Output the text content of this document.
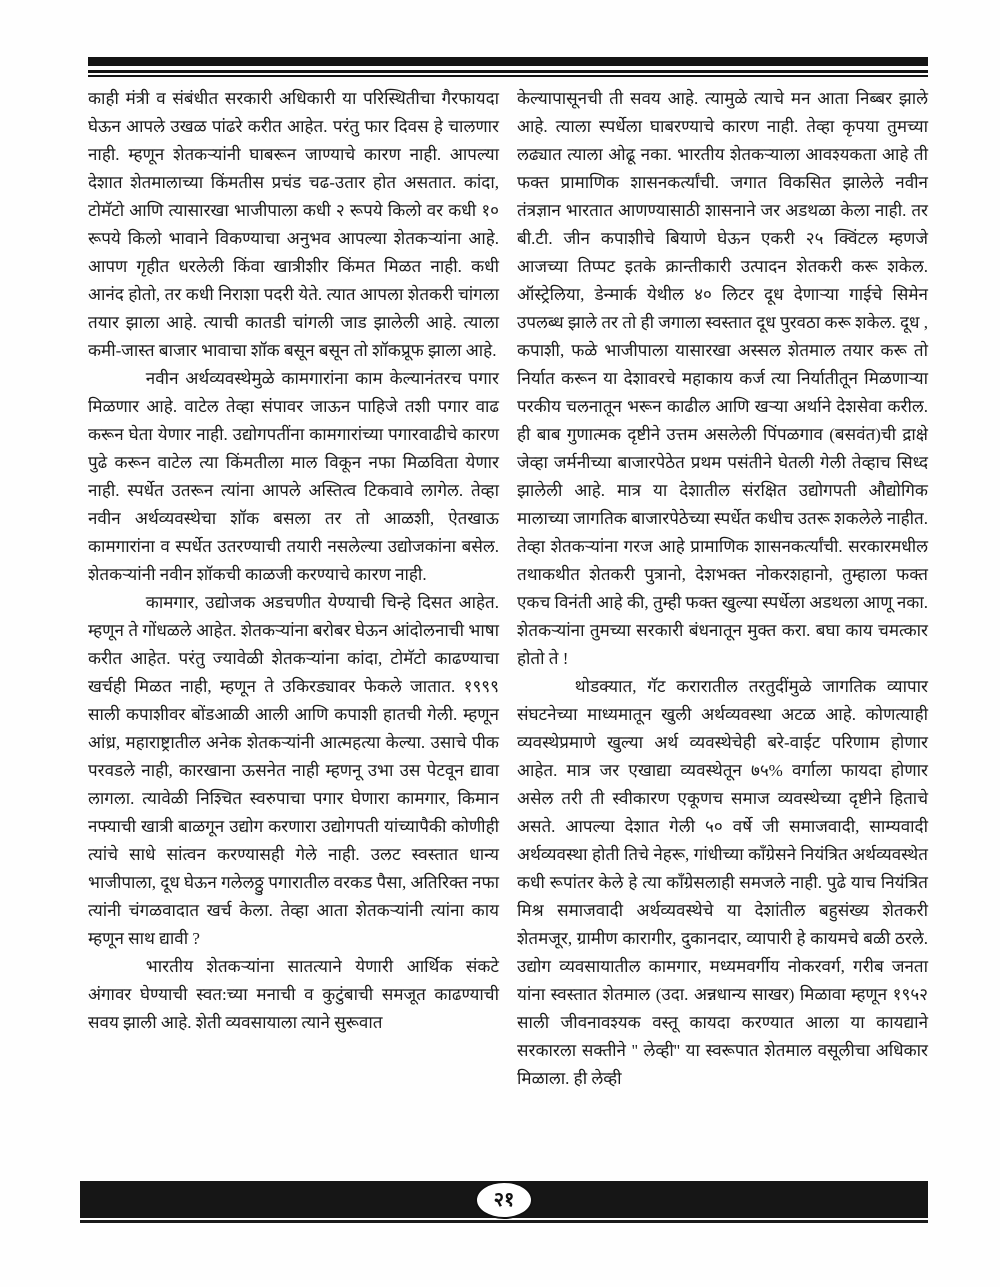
काही मंत्री व संबंधीत सरकारी अधिकारी या परिस्थितीचा गैरफायदा घेऊन आपले उखळ पांढरे करीत आहेत. परंतु फार दिवस हे चालणार नाही. म्हणून शेतकऱ्यांनी घाबरून जाण्याचे कारण नाही. आपल्या देशात शेतमालाच्या किंमतीस प्रचंड चढ-उतार होत असतात. कांदा, टोमॅटो आणि त्यासारखा भाजीपाला कधी २ रूपये किलो वर कधी १० रूपये किलो भावाने विकण्याचा अनुभव आपल्या शेतकऱ्यांना आहे. आपण गृहीत धरलेली किंवा खात्रीशीर किंमत मिळत नाही. कधी आनंद होतो, तर कधी निराशा पदरी येते. त्यात आपला शेतकरी चांगला तयार झाला आहे. त्याची कातडी चांगली जाड झालेली आहे. त्याला कमी-जास्त बाजार भावाचा शॉक बसून बसून तो शॉकप्रूफ झाला आहे.

नवीन अर्थव्यवस्थेमुळे कामगारांना काम केल्यानंतरच पगार मिळणार आहे. वाटेल तेव्हा संपावर जाऊन पाहिजे तशी पगार वाढ करून घेता येणार नाही. उद्योगपतींना कामगारांच्या पगारवाढीचे कारण पुढे करून वाटेल त्या किंमतीला माल विकून नफा मिळविता येणार नाही. स्पर्धेत उतरून त्यांना आपले अस्तित्व टिकवावे लागेल. तेव्हा नवीन अर्थव्यवस्थेचा शॉक बसला तर तो आळशी, ऐतखाऊ कामगारांना व स्पर्धेत उतरण्याची तयारी नसलेल्या उद्योजकांना बसेल. शेतकऱ्यांनी नवीन शॉकची काळजी करण्याचे कारण नाही.

कामगार, उद्योजक अडचणीत येण्याची चिन्हे दिसत आहेत. म्हणून ते गोंधळले आहेत. शेतकऱ्यांना बरोबर घेऊन आंदोलनाची भाषा करीत आहेत. परंतु ज्यावेळी शेतकऱ्यांना कांदा, टोमॅटो काढण्याचा खर्चही मिळत नाही, म्हणून ते उकिरड्यावर फेकले जातात. १९९९ साली कपाशीवर बोंडआळी आली आणि कपाशी हातची गेली. म्हणून आंध्र, महाराष्ट्रातील अनेक शेतकऱ्यांनी आत्महत्या केल्या. उसाचे पीक परवडले नाही, कारखाना ऊसनेत नाही म्हणनू उभा उस पेटवून द्यावा लागला. त्यावेळी निश्चित स्वरुपाचा पगार घेणारा कामगार, किमान नफ्याची खात्री बाळगून उद्योग करणारा उद्योगपती यांच्यापैकी कोणीही त्यांचे साधे सांत्वन करण्यासही गेले नाही. उलट स्वस्तात धान्य भाजीपाला, दूध घेऊन गलेलठ्ठु पगारातील वरकड पैसा, अतिरिक्त नफा त्यांनी चंगळवादात खर्च केला. तेव्हा आता शेतकऱ्यांनी त्यांना काय म्हणून साथ द्यावी ?

भारतीय शेतकऱ्यांना सातत्याने येणारी आर्थिक संकटे अंगावर घेण्याची स्वत:च्या मनाची व कुटुंबाची समजूत काढण्याची सवय झाली आहे. शेती व्यवसायाला त्याने सुरूवात

केल्यापासूनची ती सवय आहे. त्यामुळे त्याचे मन आता निब्बर झाले आहे. त्याला स्पर्धेला घाबरण्याचे कारण नाही. तेव्हा कृपया तुमच्या लढ्यात त्याला ओढू नका. भारतीय शेतकऱ्याला आवश्यकता आहे ती फक्त प्रामाणिक शासनकर्त्यांची. जगात विकसित झालेले नवीन तंत्रज्ञान भारतात आणण्यासाठी शासनाने जर अडथळा केला नाही. तर बी.टी. जीन कपाशीचे बियाणे घेऊन एकरी २५ क्विंटल म्हणजे आजच्या तिप्पट इतके क्रान्तीकारी उत्पादन शेतकरी करू शकेल. ऑस्ट्रेलिया, डेन्मार्क येथील ४० लिटर दूध देणाऱ्या गाईचे सिमेन उपलब्ध झाले तर तो ही जगाला स्वस्तात दूध पुरवठा करू शकेल. दूध , कपाशी, फळे भाजीपाला यासारखा अस्सल शेतमाल तयार करू तो निर्यात करून या देशावरचे महाकाय कर्ज त्या निर्यातीतून मिळणाऱ्या परकीय चलनातून भरून काढील आणि खऱ्या अर्थाने देशसेवा करील. ही बाब गुणात्मक दृष्टीने उत्तम असलेली पिंपळगाव (बसवंत)ची द्राक्षे जेव्हा जर्मनीच्या बाजारपेठेत प्रथम पसंतीने घेतली गेली तेव्हाच सिध्द झालेली आहे. मात्र या देशातील संरक्षित उद्योगपती औद्योगिक मालाच्या जागतिक बाजारपेठेच्या स्पर्धेत कधीच उतरू शकलेले नाहीत. तेव्हा शेतकऱ्यांना गरज आहे प्रामाणिक शासनकर्त्यांची. सरकारमधील तथाकथीत शेतकरी पुत्रानो, देशभक्त नोकरशहानो, तुम्हाला फक्त एकच विनंती आहे की, तुम्ही फक्त खुल्या स्पर्धेला अडथला आणू नका. शेतकऱ्यांना तुमच्या सरकारी बंधनातून मुक्त करा. बघा काय चमत्कार होतो ते !

थोडक्यात, गॅट करारातील तरतुदींमुळे जागतिक व्यापार संघटनेच्या माध्यमातून खुली अर्थव्यवस्था अटळ आहे. कोणत्याही व्यवस्थेप्रमाणे खुल्या अर्थ व्यवस्थेचेही बरे-वाईट परिणाम होणार आहेत. मात्र जर एखाद्या व्यवस्थेतून ७५% वर्गाला फायदा होणार असेल तरी ती स्वीकारण एकूणच समाज व्यवस्थेच्या दृष्टीने हिताचे असते. आपल्या देशात गेली ५० वर्षे जी समाजवादी, साम्यवादी अर्थव्यवस्था होती तिचे नेहरू, गांधीच्या काँग्रेसने नियंत्रित अर्थव्यवस्थेत कधी रूपांतर केले हे त्या काँग्रेसलाही समजले नाही. पुढे याच नियंत्रित मिश्र समाजवादी अर्थव्यवस्थेचे या देशांतील बहुसंख्य शेतकरी शेतमजूर, ग्रामीण कारागीर, दुकानदार, व्यापारी हे कायमचे बळी ठरले. उद्योग व्यवसायातील कामगार, मध्यमवर्गीय नोकरवर्ग, गरीब जनता यांना स्वस्तात शेतमाल (उदा. अन्नधान्य साखर) मिळावा म्हणून १९५२ साली जीवनावश्यक वस्तू कायदा करण्यात आला या कायद्याने सरकारला सक्तीने '' लेव्ही'' या स्वरूपात शेतमाल वसूलीचा अधिकार मिळाला. ही लेव्ही

२१
